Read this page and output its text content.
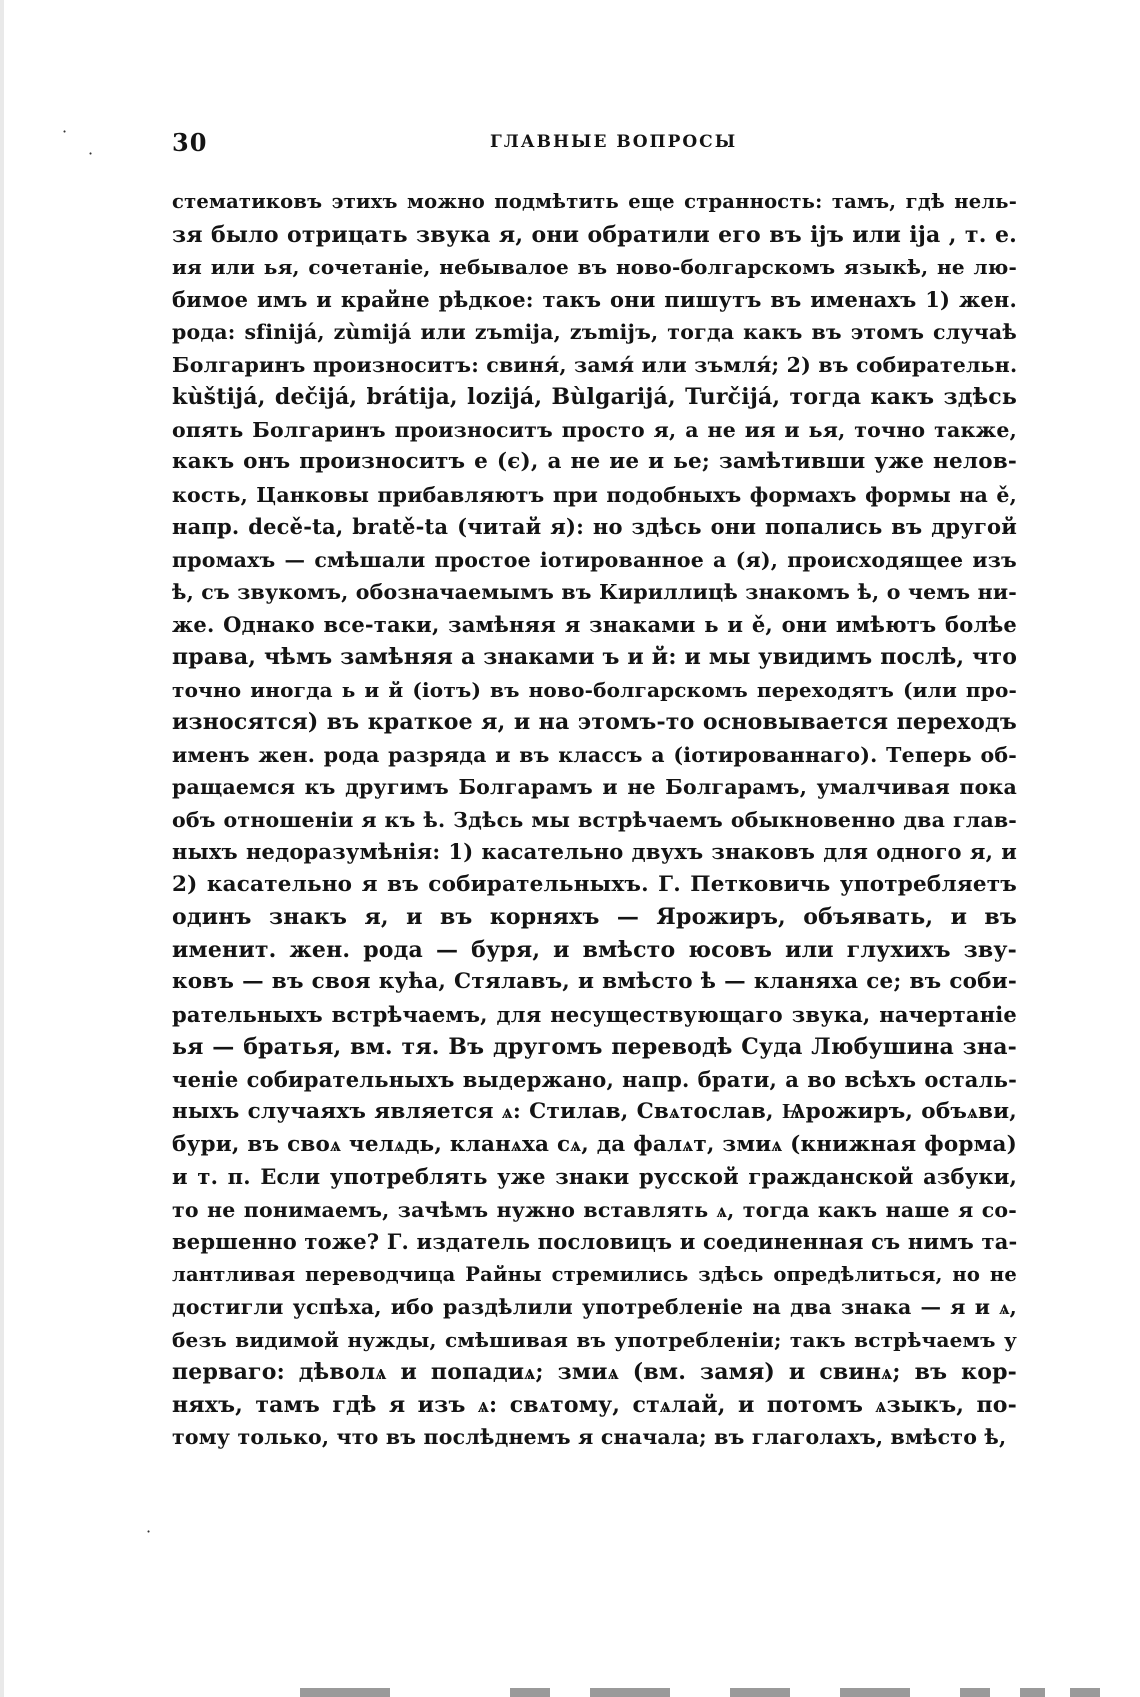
30	ГЛАВНЫЕ ВОПРОСЫ
·
·
·
стематиковъ этихъ можно подмѣтить еще странность: тамъ, гдѣ нель-
зя было отрицать звука я, они обратили его въ ijъ или ija , т. е.
ия или ья, сочетаніе, небывалое въ ново-болгарскомъ языкѣ, не лю-
бимое имъ и крайне рѣдкое: такъ они пишутъ въ именахъ 1) жен.
рода: sfinijá, zùmijá или zъmija, zъmijъ, тогда какъ въ этомъ случаѣ
Болгаринъ произноситъ: свиня́, замя́ или зъмля́; 2) въ собирательн.
kùštijá, dečijá, brátija, lozijá, Bùlgarijá, Turčijá, тогда какъ здѣсь
опять Болгаринъ произноситъ просто я, а не ия и ья, точно также,
какъ онъ произноситъ е (є), а не ие и ье; замѣтивши уже нелов-
кость, Цанковы прибавляютъ при подобныхъ формахъ формы на ě,
напр. decě-ta, bratě-ta (читай я): но здѣсь они попались въ другой
промахъ — смѣшали простое іотированное а (я), происходящее изъ
ѣ, съ звукомъ, обозначаемымъ въ Кириллицѣ знакомъ ѣ, о чемъ ни-
же. Однако все-таки, замѣняя я знаками ь и ě, они имѣютъ болѣе
права, чѣмъ замѣняя а знаками ъ и й: и мы увидимъ послѣ, что
точно иногда ь и й (іотъ) въ ново-болгарскомъ переходятъ (или про-
износятся) въ краткое я, и на этомъ-то основывается переходъ
именъ жен. рода разряда и въ классъ а (іотированнаго). Теперь об-
ращаемся къ другимъ Болгарамъ и не Болгарамъ, умалчивая пока
объ отношеніи я къ ѣ. Здѣсь мы встрѣчаемъ обыкновенно два глав-
ныхъ недоразумѣнія: 1) касательно двухъ знаковъ для одного я, и
2) касательно я въ собирательныхъ. Г. Петковичь употребляетъ
одинъ знакъ я, и въ корняхъ — Ярожиръ, объявать, и въ
именит. жен. рода — буря, и вмѣсто юсовъ или глухихъ зву-
ковъ — въ своя кућа, Стялавъ, и вмѣсто ѣ — кланяха се; въ соби-
рательныхъ встрѣчаемъ, для несуществующаго звука, начертаніе
ья — братья, вм. тя. Въ другомъ переводѣ Суда Любушина зна-
ченіе собирательныхъ выдержано, напр. брати, а во всѣхъ осталь-
ныхъ случаяхъ является ѧ: Стилав, Свѧтослав, Ѩрожиръ, объѧви,
бури, въ своѧ челѧдь, кланѧха сѧ, да фалѧт, змиѧ (книжная форма)
и т. п. Если употреблять уже знаки русской гражданской азбуки,
то не понимаемъ, зачѣмъ нужно вставлять ѧ, тогда какъ наше я со-
вершенно тоже? Г. издатель пословицъ и соединенная съ нимъ та-
лантливая переводчица Райны стремились здѣсь опредѣлиться, но не
достигли успѣха, ибо раздѣлили употребленіе на два знака — я и ѧ,
безъ видимой нужды, смѣшивая въ употребленіи; такъ встрѣчаемъ у
перваго: дѣволѧ и попадиѧ; змиѧ (вм. замя) и свинѧ; въ кор-
няхъ, тамъ гдѣ я изъ ѧ: свѧтому, стѧлай, и потомъ ѧзыкъ, по-
тому только, что въ послѣднемъ я сначала; въ глаголахъ, вмѣсто ѣ,
